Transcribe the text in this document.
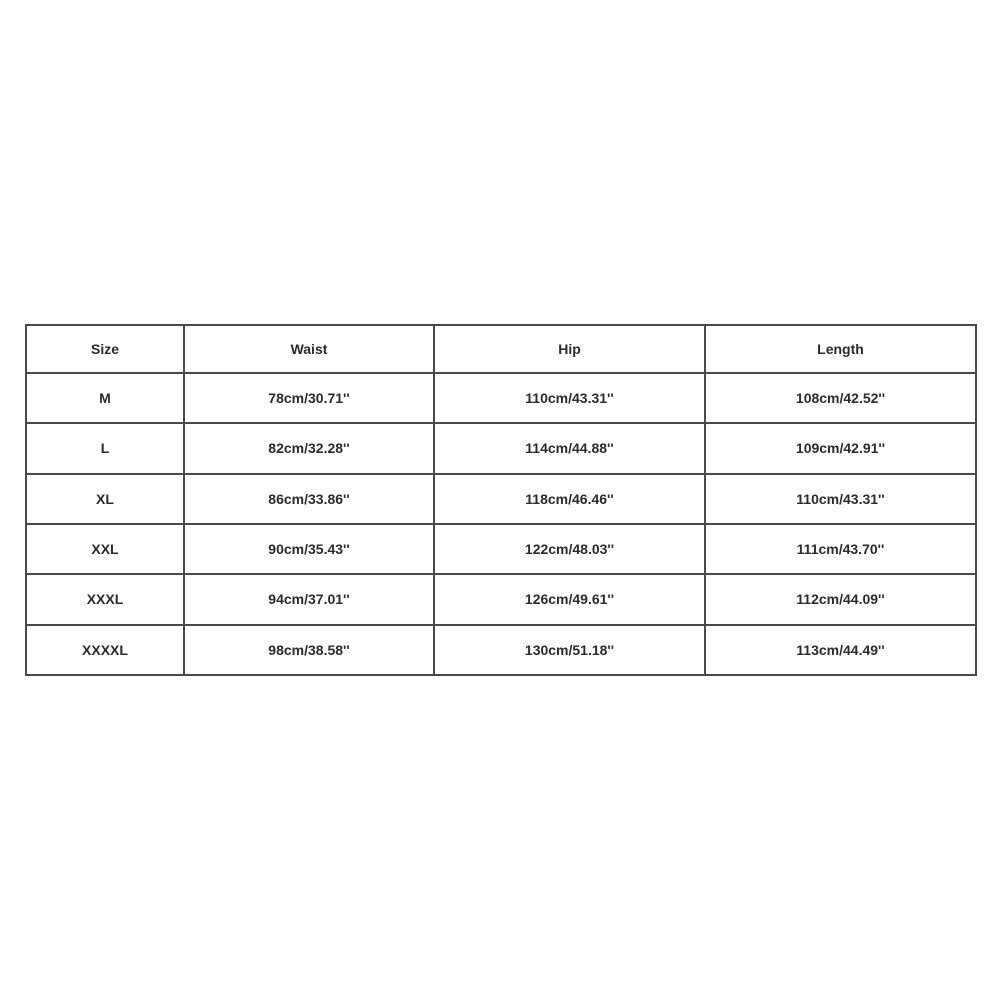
Size	Waist	Hip	Length
M	78cm/30.71''	110cm/43.31''	108cm/42.52''
L	82cm/32.28''	114cm/44.88''	109cm/42.91''
XL	86cm/33.86''	118cm/46.46''	110cm/43.31''
XXL	90cm/35.43''	122cm/48.03''	111cm/43.70''
XXXL	94cm/37.01''	126cm/49.61''	112cm/44.09''
XXXXL	98cm/38.58''	130cm/51.18''	113cm/44.49''
